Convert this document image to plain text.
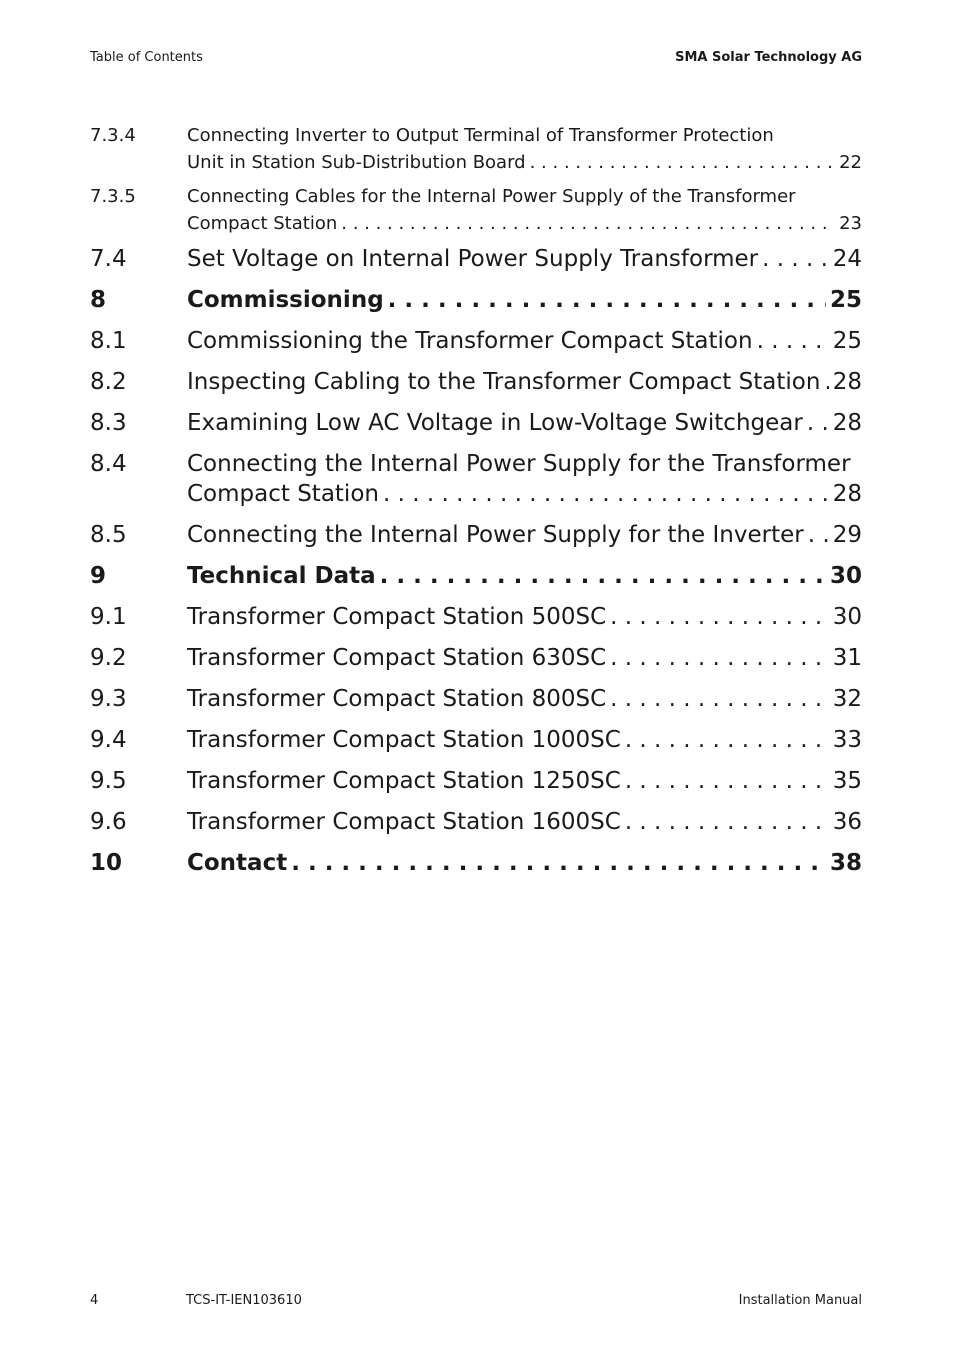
Table of Contents	SMA Solar Technology AG
7.3.4	Connecting Inverter to Output Terminal of Transformer Protection
Unit in Station Sub-Distribution Board . . .	22
7.3.5	Connecting Cables for the Internal Power Supply of the Transformer
Compact Station . . .	23
7.4	Set Voltage on Internal Power Supply Transformer . . .	24
8	Commissioning . . .	25
8.1	Commissioning the Transformer Compact Station . . .	25
8.2	Inspecting Cabling to the Transformer Compact Station . . . 28
8.3	Examining Low AC Voltage in Low-Voltage Switchgear . . . 28
8.4	Connecting the Internal Power Supply for the Transformer
Compact Station . . .	28
8.5	Connecting the Internal Power Supply for the Inverter . . . 29
9	Technical Data . . .	30
9.1	Transformer Compact Station 500SC . . .	30
9.2	Transformer Compact Station 630SC . . .	31
9.3	Transformer Compact Station 800SC . . .	32
9.4	Transformer Compact Station 1000SC . . .	33
9.5	Transformer Compact Station 1250SC . . .	35
9.6	Transformer Compact Station 1600SC . . .	36
10	Contact . . .	38
4	TCS-IT-IEN103610	Installation Manual
